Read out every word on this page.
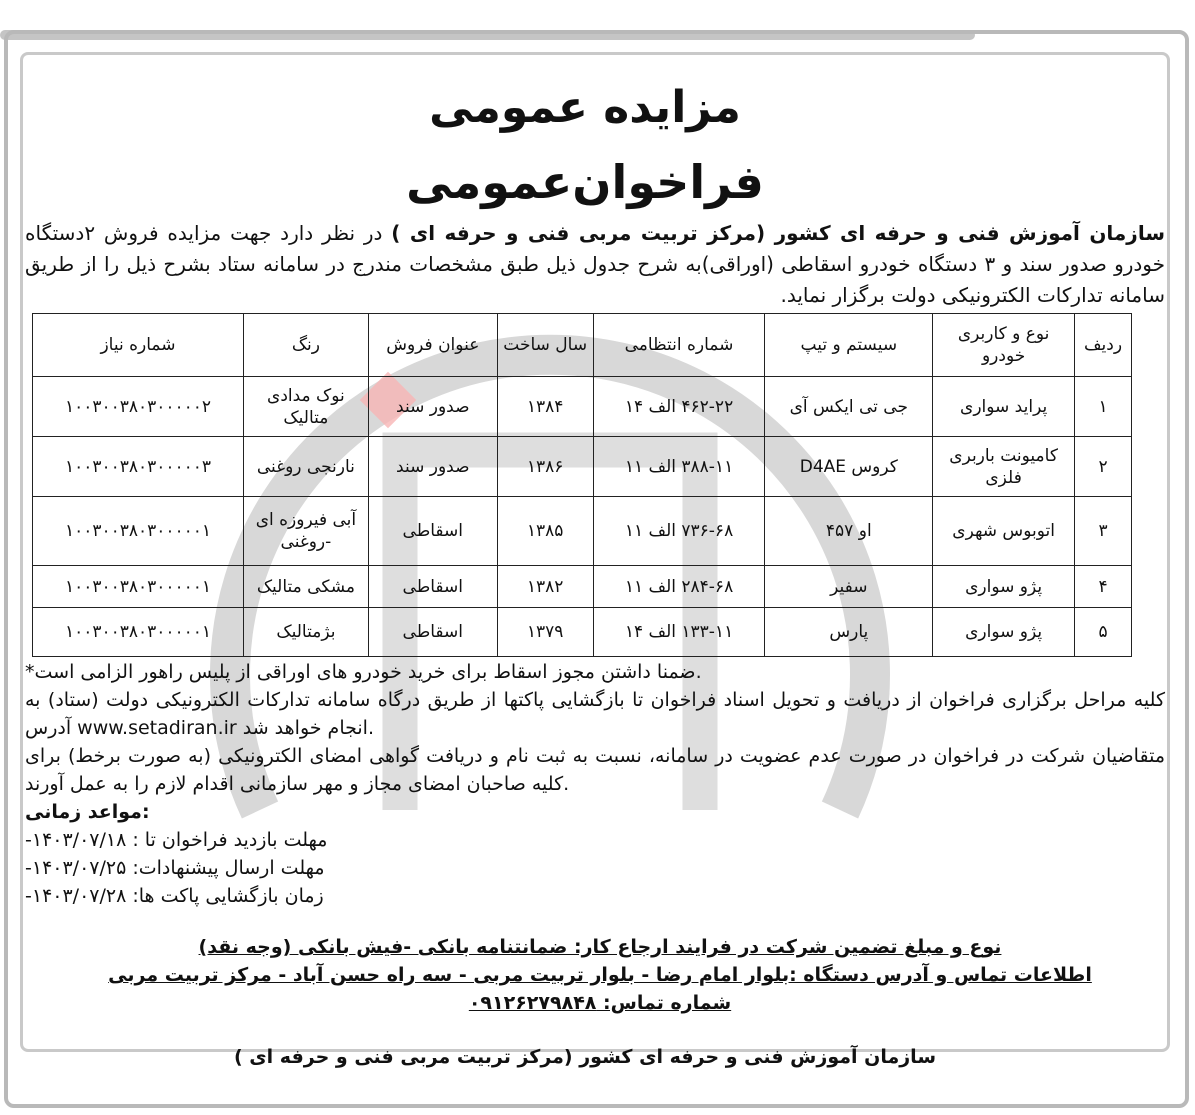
مزایده عمومی
فراخوان‌عمومی
سازمان آموزش فنی و حرفه ای کشور (مرکز تربیت مربی فنی و حرفه ای ) در نظر دارد جهت مزایده فروش ۲دستگاه خودرو صدور سند و ۳ دستگاه خودرو اسقاطی (اوراقی)به شرح جدول ذیل طبق مشخصات مندرج در سامانه ستاد بشرح ذیل را از طریق سامانه تدارکات الکترونیکی دولت برگزار نماید.
ردیف	نوع و کاربری خودرو	سیستم و تیپ	شماره انتظامی	سال ساخت	عنوان فروش	رنگ	شماره نیاز
۱	پراید سواری	جی تی ایکس آی	۴۶۲-۲۲ الف ۱۴	۱۳۸۴	صدور سند	نوک مدادی متالیک	۱۰۰۳۰۰۳۸۰۳۰۰۰۰۰۲
۲	کامیونت باربری فلزی	کروس D4AE	۳۸۸-۱۱ الف ۱۱	۱۳۸۶	صدور سند	نارنجی روغنی	۱۰۰۳۰۰۳۸۰۳۰۰۰۰۰۳
۳	اتوبوس شهری	او ۴۵۷	۷۳۶-۶۸ الف ۱۱	۱۳۸۵	اسقاطی	آبی فیروزه ای -روغنی	۱۰۰۳۰۰۳۸۰۳۰۰۰۰۰۱
۴	پژو سواری	سفیر	۲۸۴-۶۸ الف ۱۱	۱۳۸۲	اسقاطی	مشکی متالیک	۱۰۰۳۰۰۳۸۰۳۰۰۰۰۰۱
۵	پژو سواری	پارس	۱۳۳-۱۱ الف ۱۴	۱۳۷۹	اسقاطی	بژمتالیک	۱۰۰۳۰۰۳۸۰۳۰۰۰۰۰۱
*ضمنا داشتن مجوز اسقاط برای خرید خودرو های اوراقی از پلیس راهور الزامی است.
کلیه مراحل برگزاری فراخوان از دریافت و تحویل اسناد فراخوان تا بازگشایی پاکتها از طریق درگاه سامانه تدارکات الکترونیکی دولت (ستاد) به آدرس www.setadiran.ir انجام خواهد شد.
متقاضیان شرکت در فراخوان در صورت عدم عضویت در سامانه، نسبت به ثبت نام و دریافت گواهی امضای الکترونیکی (به صورت برخط) برای کلیه صاحبان امضای مجاز و مهر سازمانی اقدام لازم را به عمل آورند.
مواعد زمانی:
-مهلت بازدید فراخوان تا : ۱۴۰۳/۰۷/۱۸
-مهلت ارسال پیشنهادات: ۱۴۰۳/۰۷/۲۵
-زمان بازگشایی پاکت ها: ۱۴۰۳/۰۷/۲۸
نوع و مبلغ تضمین شرکت در فرایند ارجاع کار: ضمانتنامه بانکی -فیش بانکی (وجه نقد)
اطلاعات تماس و آدرس دستگاه :بلوار امام رضا - بلوار تربیت مربی - سه راه حسن آباد - مرکز تربیت مربی
شماره تماس: ۰۹۱۲۶۲۷۹۸۴۸
سازمان آموزش فنی و حرفه ای کشور (مرکز تربیت مربی فنی و حرفه ای )
